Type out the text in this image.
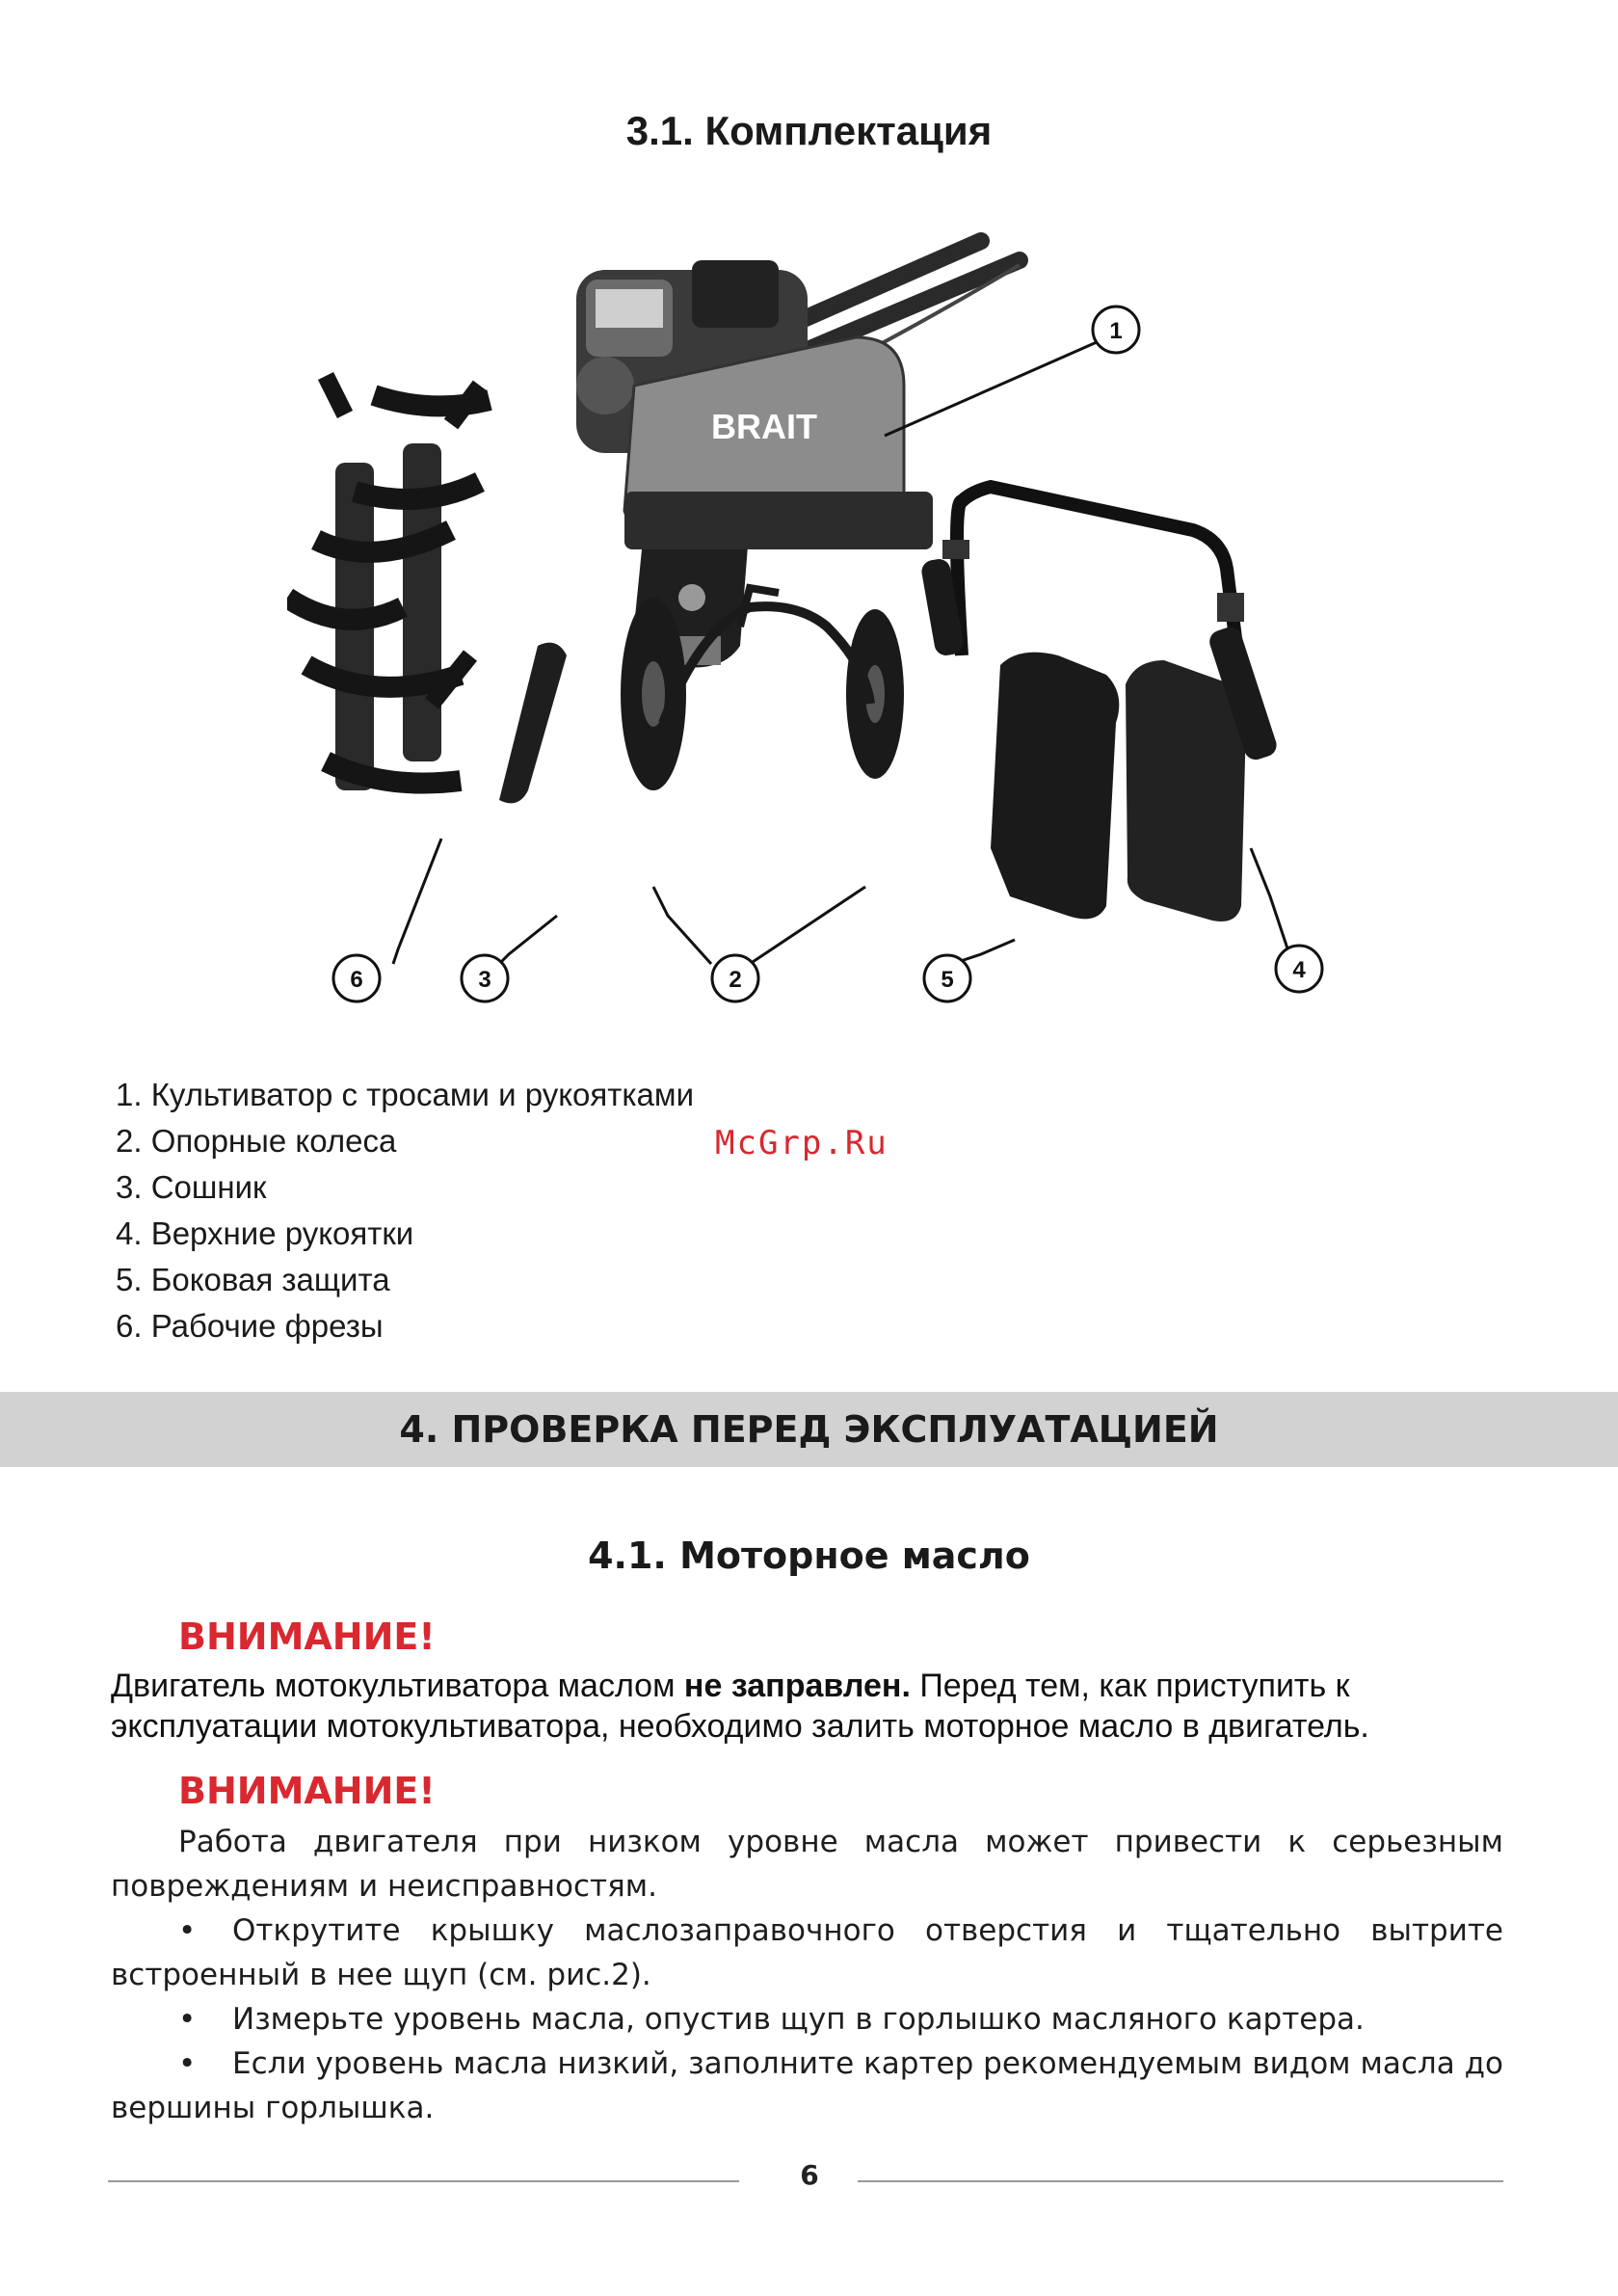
3.1. Комплектация
BRAIT
1
2
3	4
5
6
1. Культиватор с тросами и рукоятками
2. Опорные колеса
3. Сошник
4. Верхние рукоятки
5. Боковая защита
6. Рабочие фрезы
McGrp.Ru
4. ПРОВЕРКА ПЕРЕД ЭКСПЛУАТАЦИЕЙ
4.1. Моторное масло
ВНИМАНИЕ!
Двигатель мотокультиватора маслом не заправлен. Перед тем, как приступить к эксплуатации мотокультиватора, необходимо залить моторное масло в двигатель.
ВНИМАНИЕ!

Работа двигателя при низком уровне масла может привести к серьезным повреждениям и неисправностям.

• Открутите крышку маслозаправочного отверстия и тщательно вытрите встроенный в нее щуп (см. рис.2).

• Измерьте уровень масла, опустив щуп в горлышко масляного картера.

• Если уровень масла низкий, заполните картер рекомендуемым видом масла до вершины горлышка.

6
